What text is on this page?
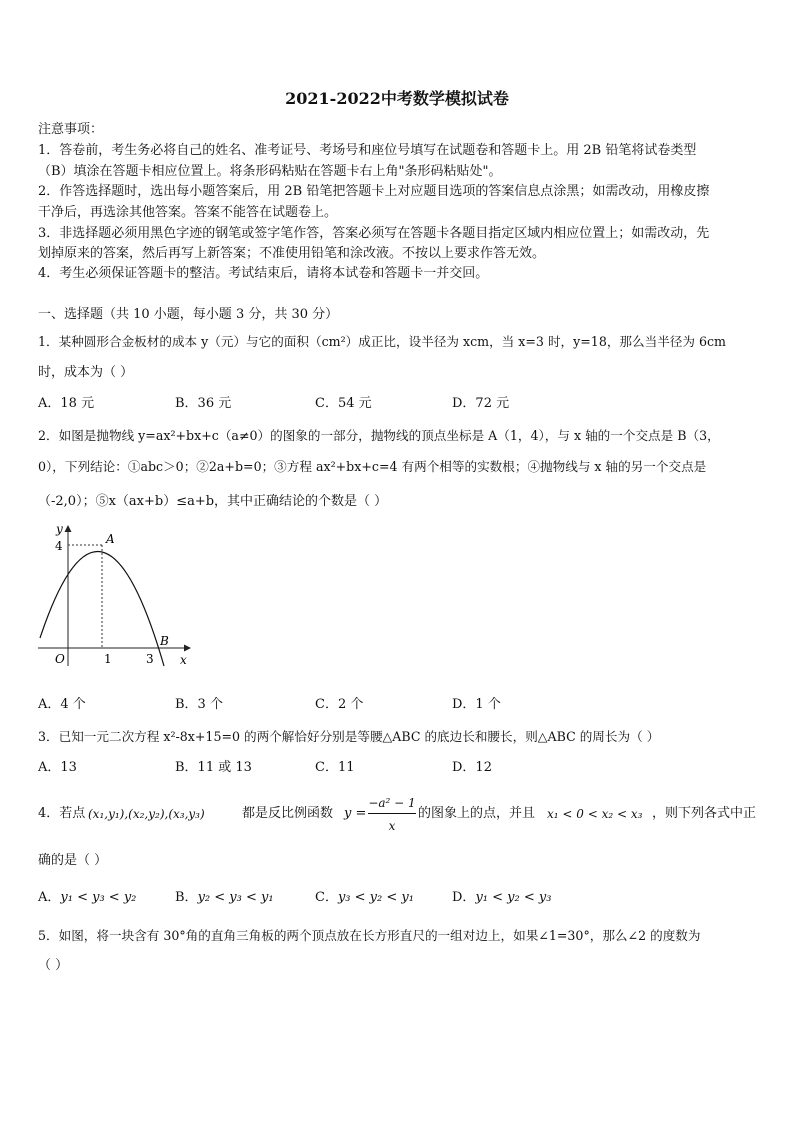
2021-2022中考数学模拟试卷
注意事项：
1．答卷前，考生务必将自己的姓名、准考证号、考场号和座位号填写在试题卷和答题卡上。用 2B 铅笔将试卷类型
（B）填涂在答题卡相应位置上。将条形码粘贴在答题卡右上角"条形码粘贴处"。
2．作答选择题时，选出每小题答案后，用 2B 铅笔把答题卡上对应题目选项的答案信息点涂黑；如需改动，用橡皮擦
干净后，再选涂其他答案。答案不能答在试题卷上。
3．非选择题必须用黑色字迹的钢笔或签字笔作答，答案必须写在答题卡各题目指定区域内相应位置上；如需改动，先
划掉原来的答案，然后再写上新答案；不准使用铅笔和涂改液。不按以上要求作答无效。
4．考生必须保证答题卡的整洁。考试结束后，请将本试卷和答题卡一并交回。
一、选择题（共 10 小题，每小题 3 分，共 30 分）
1．某种圆形合金板材的成本 y（元）与它的面积（cm²）成正比，设半径为 xcm，当 x=3 时，y=18，那么当半径为 6cm
时，成本为（ ）
A．18 元	B．36 元	C．54 元	D．72 元
2．如图是抛物线 y=ax²+bx+c（a≠0）的图象的一部分，抛物线的顶点坐标是 A（1，4），与 x 轴的一个交点是 B（3，
0），下列结论：①abc＞0；②2a+b=0；③方程 ax²+bx+c=4 有两个相等的实数根；④抛物线与 x 轴的另一个交点是
（-2,0）；⑤x（ax+b）≤a+b，其中正确结论的个数是（ ）
y
x
O
4
1	3
A
B
A．4 个	B．3 个	C．2 个	D．1 个
3．已知一元二次方程 x²-8x+15=0 的两个解恰好分别是等腰△ABC 的底边长和腰长，则△ABC 的周长为（ ）
A．13	B．11 或 13	C．11	D．12
4．若点 (x₁,y₁),(x₂,y₂),(x₃,y₃)	都是反比例函数 y =
−a² − 1
x
的图象上的点，并且 x₁ < 0 < x₂ < x₃ ，则下列各式中正
确的是（ ）
A．y₁ < y₃ < y₂	B．y₂ < y₃ < y₁	C．y₃ < y₂ < y₁	D．y₁ < y₂ < y₃
5．如图，将一块含有 30°角的直角三角板的两个顶点放在长方形直尺的一组对边上，如果∠1=30°，那么∠2 的度数为
（ ）
